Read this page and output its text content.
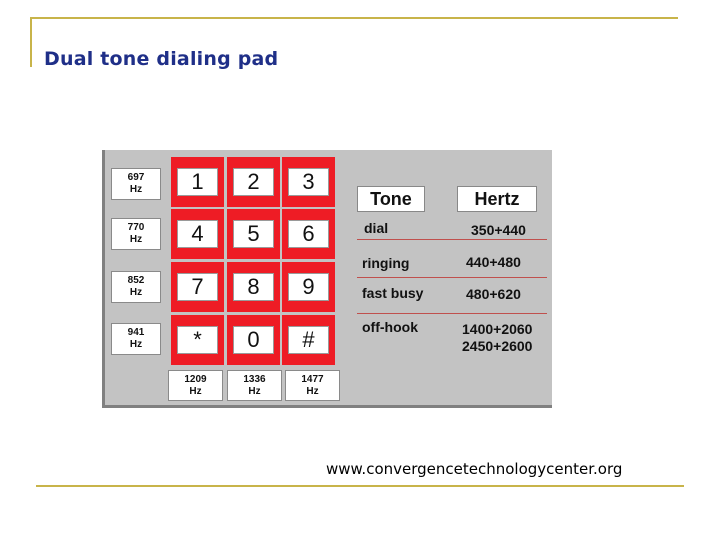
Dual tone dialing pad
697
Hz
770
Hz
852
Hz
941
Hz
1	2	3
4	5	6
7	8	9
*	0	#
1209
Hz
1336
Hz
1477
Hz
Tone	Hertz
dial	350+440
ringing	440+480
fast busy	480+620
off-hook	1400+2060
2450+2600
www.convergencetechnologycenter.org
